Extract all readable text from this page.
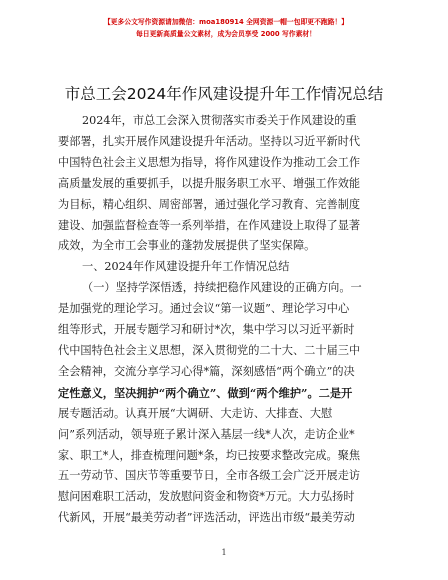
【更多公文写作资源请加微信：moa180914 全网资源一帽一包即更不跑路！】
每日更新高质量公文素材，成为会员享受 2000 写作素材！
市总工会2024年作风建设提升年工作情况总结

2024年，市总工会深入贯彻落实市委关于作风建设的重

要部署，扎实开展作风建设提升年活动。坚持以习近平新时代

中国特色社会主义思想为指导，将作风建设作为推动工会工作

高质量发展的重要抓手，以提升服务职工水平、增强工作效能

为目标，精心组织、周密部署，通过强化学习教育、完善制度

建设、加强监督检查等一系列举措，在作风建设上取得了显著

成效，为全市工会事业的蓬勃发展提供了坚实保障。

一、2024年作风建设提升年工作情况总结

（一）坚持学深悟透，持续把稳作风建设的正确方向。一

是加强党的理论学习。通过会议“第一议题”、理论学习中心

组等形式，开展专题学习和研讨*次，集中学习以习近平新时

代中国特色社会主义思想，深入贯彻党的二十大、二十届三中

全会精神，交流分享学习心得*篇，深刻感悟“两个确立”的决

定性意义，坚决拥护“两个确立”、做到“两个维护”。二是开

展专题活动。认真开展“大调研、大走访、大排查、大慰

问”系列活动，领导班子累计深入基层一线*人次，走访企业*

家、职工*人，排查梳理问题*条，均已按要求整改完成。聚焦

五一劳动节、国庆节等重要节日，全市各级工会广泛开展走访

慰问困难职工活动，发放慰问资金和物资*万元。大力弘扬时

代新风，开展“最美劳动者”评选活动，评选出市级“最美劳动

1
